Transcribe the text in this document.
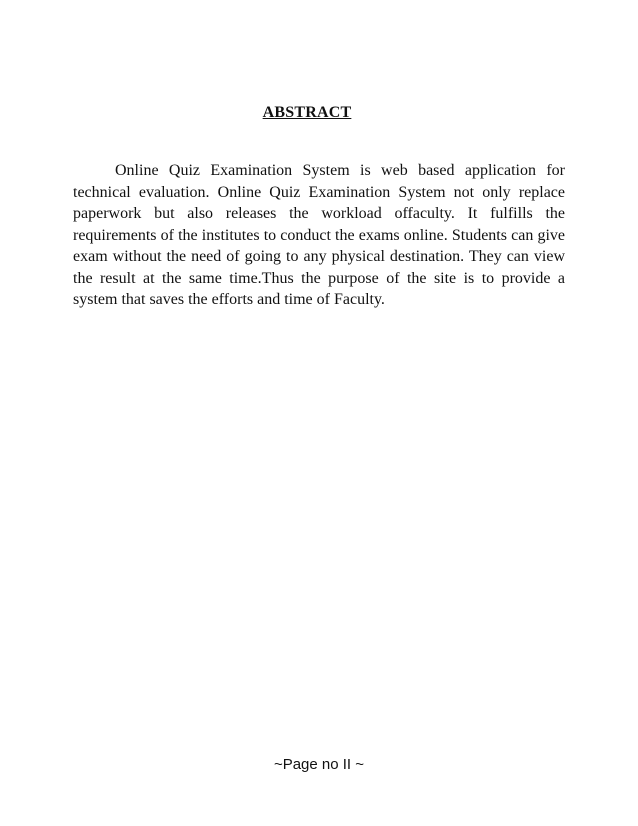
ABSTRACT

Online Quiz Examination System is web based application for technical evaluation. Online Quiz Examination System not only replace paperwork but also releases the workload offaculty. It fulfills the requirements of the institutes to conduct the exams online. Students can give exam without the need of going to any physical destination. They can view the result at the same time.Thus the purpose of the site is to provide a system that saves the efforts and time of Faculty.

~Page no II ~
